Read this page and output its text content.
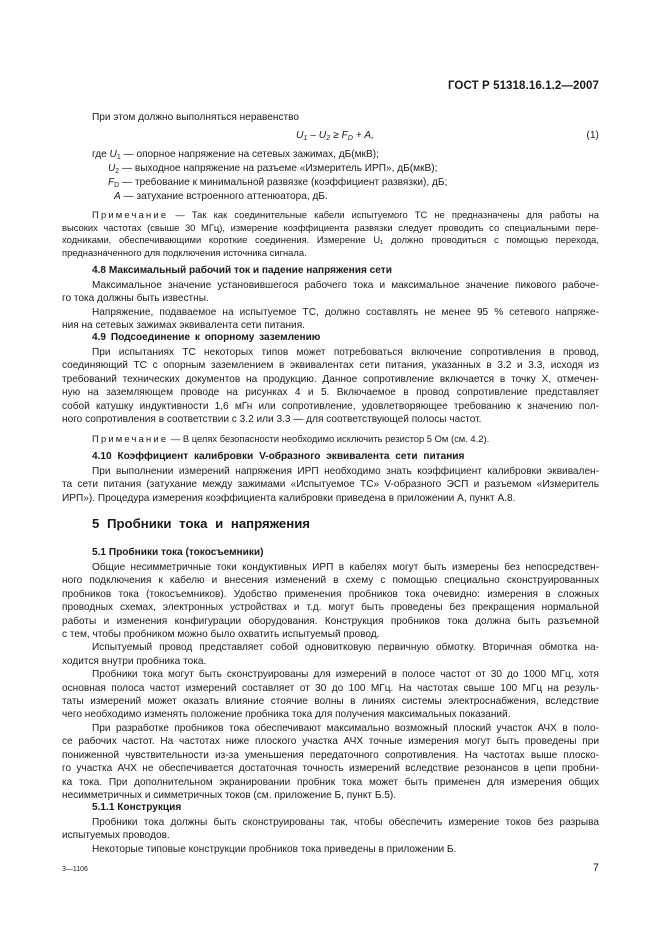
ГОСТ Р 51318.16.1.2—2007
При этом должно выполняться неравенство
$U_1 - U_2 \ge F_D + A$,	(1)
где $U_1$ — опорное напряжение на сетевых зажимах, дБ(мкВ);
$U_2$ — выходное напряжение на разъеме «Измеритель ИРП», дБ(мкВ);
$F_D$ — требование к минимальной развязке (коэффициент развязки), дБ;
A — затухание встроенного аттенюатора, дБ.
Примечание — Так как соединительные кабели испытуемого ТС не предназначены для работы на
высоких частотах (свыше 30 МГц), измерение коэффициента развязки следует проводить со специальными пере-
ходниками, обеспечивающими короткие соединения. Измерение U₁ должно проводиться с помощью перехода,
предназначенного для подключения источника сигнала.
4.8 Максимальный рабочий ток и падение напряжения сети
Максимальное значение установившегося рабочего тока и максимальное значение пикового рабоче-
го тока должны быть известны.
Напряжение, подаваемое на испытуемое ТС, должно составлять не менее 95 % сетевого напряже-
ния на сетевых зажимах эквивалента сети питания.
4.9 Подсоединение к опорному заземлению
При испытаниях ТС некоторых типов может потребоваться включение сопротивления в провод,
соединяющий ТС с опорным заземлением в эквивалентах сети питания, указанных в 3.2 и 3.3, исходя из
требований технических документов на продукцию. Данное сопротивление включается в точку X, отмечен-
ную на заземляющем проводе на рисунках 4 и 5. Включаемое в провод сопротивление представляет
собой катушку индуктивности 1,6 мГн или сопротивление, удовлетворяющее требованию к значению пол-
ного сопротивления в соответствии с 3.2 или 3.3 — для соответствующей полосы частот.
Примечание — В целях безопасности необходимо исключить резистор 5 Ом (см. 4.2).
4.10 Коэффициент калибровки V-образного эквивалента сети питания
При выполнении измерений напряжения ИРП необходимо знать коэффициент калибровки эквивален-
та сети питания (затухание между зажимами «Испытуемое ТС» V-образного ЭСП и разъемом «Измеритель
ИРП»). Процедура измерения коэффициента калибровки приведена в приложении А, пункт А.8.
5 Пробники тока и напряжения
5.1 Пробники тока (токосъемники)
Общие несимметричные токи кондуктивных ИРП в кабелях могут быть измерены без непосредствен-
ного подключения к кабелю и внесения изменений в схему с помощью специально сконструированных
пробников тока (токосъемников). Удобство применения пробников тока очевидно: измерения в сложных
проводных схемах, электронных устройствах и т.д. могут быть проведены без прекращения нормальной
работы и изменения конфигурации оборудования. Конструкция пробников тока должна быть разъемной
с тем, чтобы пробником можно было охватить испытуемый провод.
Испытуемый провод представляет собой одновитковую первичную обмотку. Вторичная обмотка на-
ходится внутри пробника тока.
Пробники тока могут быть сконструированы для измерений в полосе частот от 30 до 1000 МГц, хотя
основная полоса частот измерений составляет от 30 до 100 МГц. На частотах свыше 100 МГц на резуль-
таты измерений может оказать влияние стоячие волны в линиях системы электроснабжения, вследствие
чего необходимо изменять положение пробника тока для получения максимальных показаний.
При разработке пробников тока обеспечивают максимально возможный плоский участок АЧХ в поло-
се рабочих частот. На частотах ниже плоского участка АЧХ точные измерения могут быть проведены при
пониженной чувствительности из-за уменьшения передаточного сопротивления. На частотах выше плоско-
го участка АЧХ не обеспечивается достаточная точность измерений вследствие резонансов в цепи пробни-
ка тока. При дополнительном экранировании пробник тока может быть применен для измерения общих
несимметричных и симметричных токов (см. приложение Б, пункт Б.5).
5.1.1 Конструкция
Пробники тока должны быть сконструированы так, чтобы обеспечить измерение токов без разрыва
испытуемых проводов.
Некоторые типовые конструкции пробников тока приведены в приложении Б.
3—1106	7
